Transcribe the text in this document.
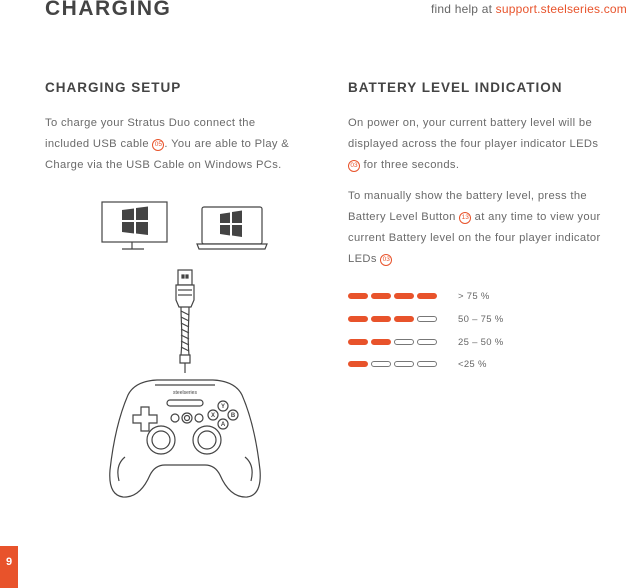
CHARGING	find help at support.steelseries.com
CHARGING SETUP
To charge your Stratus Duo connect the
included USB cable 05 . You are able to Play &
Charge via the USB Cable on Windows PCs.
steelseries
Y
X	B
A
BATTERY LEVEL INDICATION
On power on, your current battery level will be
displayed across the four player indicator LEDs
03 for three seconds.
To manually show the battery level, press the
Battery Level Button 13 at any time to view your
current Battery level on the four player indicator
LEDs 03
> 75 %
50 – 75 %
25 – 50 %
<25 %
9
